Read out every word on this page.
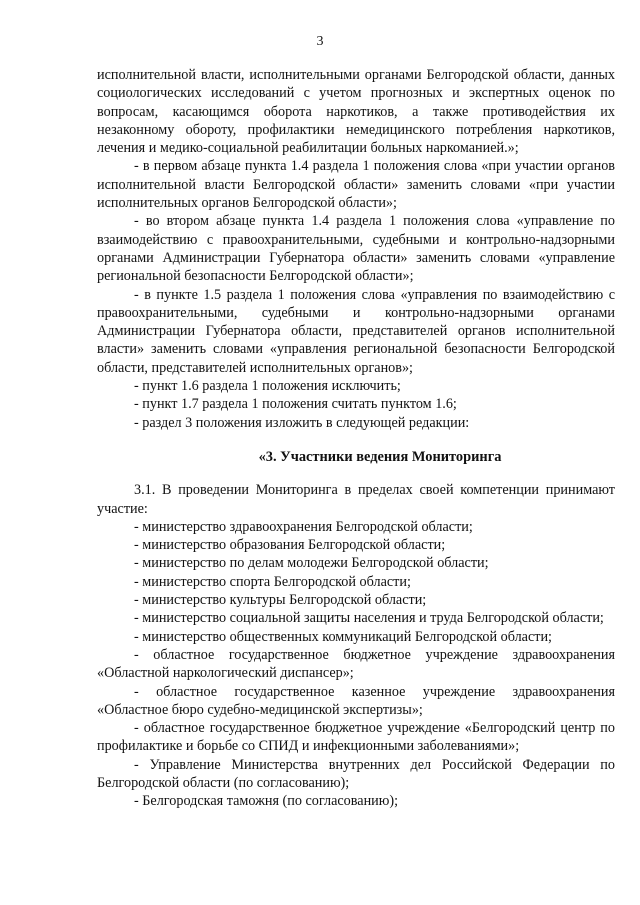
3

исполнительной власти, исполнительными органами Белгородской области, данных социологических исследований с учетом прогнозных и экспертных оценок по вопросам, касающимся оборота наркотиков, а также противодействия их незаконному обороту, профилактики немедицинского потребления наркотиков, лечения и медико-социальной реабилитации больных наркоманией.»;

- в первом абзаце пункта 1.4 раздела 1 положения слова «при участии органов исполнительной власти Белгородской области» заменить словами «при участии исполнительных органов Белгородской области»;

- во втором абзаце пункта 1.4 раздела 1 положения слова «управление по взаимодействию с правоохранительными, судебными и контрольно-надзорными органами Администрации Губернатора области» заменить словами «управление региональной безопасности Белгородской области»;

- в пункте 1.5 раздела 1 положения слова «управления по взаимодействию с правоохранительными, судебными и контрольно-надзорными органами Администрации Губернатора области, представителей органов исполнительной власти» заменить словами «управления региональной безопасности Белгородской области, представителей исполнительных органов»;

- пункт 1.6 раздела 1 положения исключить;

- пункт 1.7 раздела 1 положения считать пунктом 1.6;

- раздел 3 положения изложить в следующей редакции:

«3. Участники ведения Мониторинга

3.1. В проведении Мониторинга в пределах своей компетенции принимают участие:

- министерство здравоохранения Белгородской области;

- министерство образования Белгородской области;

- министерство по делам молодежи Белгородской области;

- министерство спорта Белгородской области;

- министерство культуры Белгородской области;

- министерство социальной защиты населения и труда Белгородской области;

- министерство общественных коммуникаций Белгородской области;

- областное государственное бюджетное учреждение здравоохранения «Областной наркологический диспансер»;

- областное государственное казенное учреждение здравоохранения «Областное бюро судебно-медицинской экспертизы»;

- областное государственное бюджетное учреждение «Белгородский центр по профилактике и борьбе со СПИД и инфекционными заболеваниями»;

- Управление Министерства внутренних дел Российской Федерации по Белгородской области (по согласованию);

- Белгородская таможня (по согласованию);
